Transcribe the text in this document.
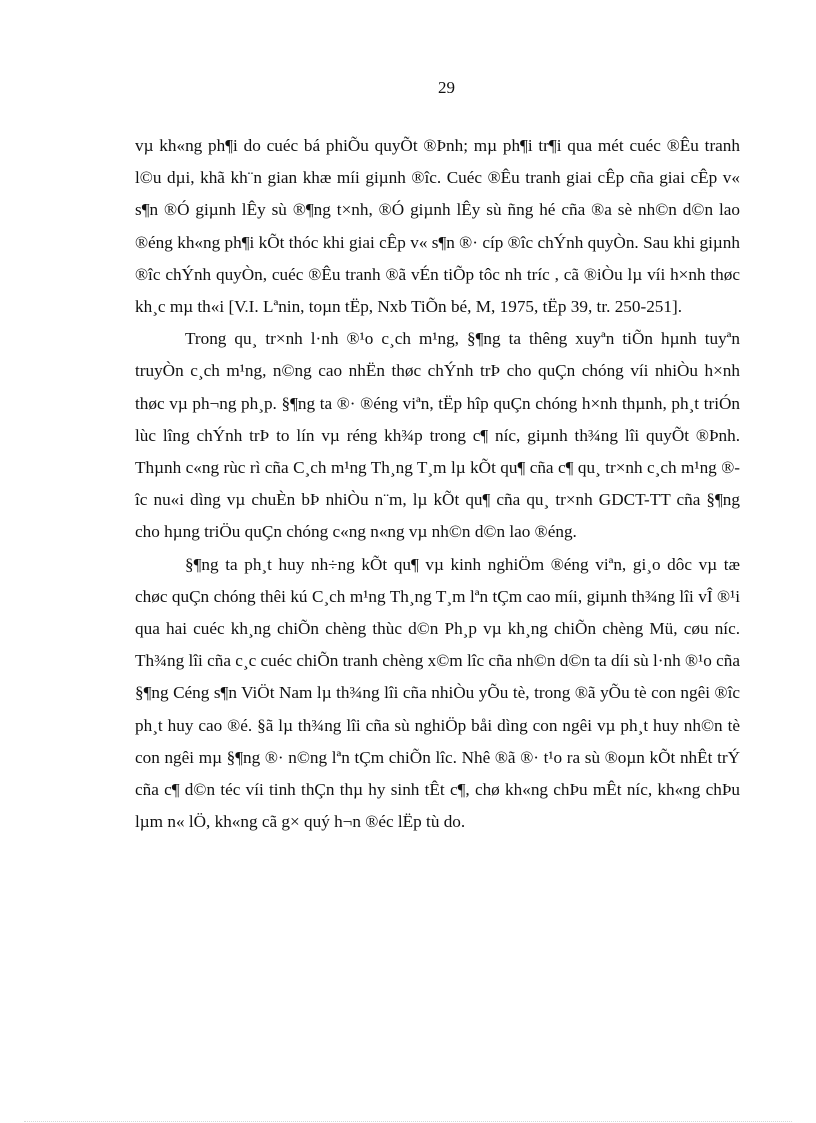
29

vµ kh«ng ph¶i do cuéc bá phiÕu quyÕt ®Þnh; mµ ph¶i tr¶i qua mét cuéc ®Êu tranh l©u dµi, khã kh¨n gian khæ míi giµnh ®îc. Cuéc ®Êu tranh giai cÊp cña giai cÊp v« s¶n ®Ó giµnh lÊy sù ®¶ng t×nh, ®Ó giµnh lÊy sù ñng hé cña ®a sè nh©n d©n lao ®éng kh«ng ph¶i kÕt thóc khi giai cÊp v« s¶n ®· cíp ®îc chÝnh quyÒn. Sau khi giµnh ®îc chÝnh quyÒn, cuéc ®Êu tranh ®ã vÉn tiÕp tôc nh tríc , cã ®iÒu lµ víi h×nh thøc kh¸c mµ th«i [V.I. Lªnin, toµn tËp, Nxb TiÕn bé, M, 1975, tËp 39, tr. 250-251].

Trong qu¸ tr×nh l·nh ®¹o c¸ch m¹ng, §¶ng ta thêng xuyªn tiÕn hµnh tuyªn truyÒn c¸ch m¹ng, n©ng cao nhËn thøc chÝnh trÞ cho quÇn chóng víi nhiÒu h×nh thøc vµ ph¬ng ph¸p. §¶ng ta ®· ®éng viªn, tËp hîp quÇn chóng h×nh thµnh, ph¸t triÓn lùc lîng chÝnh trÞ to lín vµ réng kh¾p trong c¶ níc, giµnh th¾ng lîi quyÕt ®Þnh. Thµnh c«ng rùc rì cña C¸ch m¹ng Th¸ng T¸m lµ kÕt qu¶ cña c¶ qu¸ tr×nh c¸ch m¹ng ®îc nu«i dìng vµ chuÈn bÞ nhiÒu n¨m, lµ kÕt qu¶ cña qu¸ tr×nh GDCT-TT cña §¶ng cho hµng triÖu quÇn chóng c«ng n«ng vµ nh©n d©n lao ®éng.

§¶ng ta ph¸t huy nh÷ng kÕt qu¶ vµ kinh nghiÖm ®éng viªn, gi¸o dôc vµ tæ chøc quÇn chóng thêi kú C¸ch m¹ng Th¸ng T¸m lªn tÇm cao míi, giµnh th¾ng lîi vÎ ®¹i qua hai cuéc kh¸ng chiÕn chèng thùc d©n Ph¸p vµ kh¸ng chiÕn chèng Mü, cøu níc. Th¾ng lîi cña c¸c cuéc chiÕn tranh chèng x©m lîc cña nh©n d©n ta díi sù l·nh ®¹o cña §¶ng Céng s¶n ViÖt Nam lµ th¾ng lîi cña nhiÒu yÕu tè, trong ®ã yÕu tè con ngêi ®îc ph¸t huy cao ®é. §ã lµ th¾ng lîi cña sù nghiÖp båi dìng con ngêi vµ ph¸t huy nh©n tè con ngêi mµ §¶ng ®· n©ng lªn tÇm chiÕn lîc. Nhê ®ã ®· t¹o ra sù ®oµn kÕt nhÊt trÝ cña c¶ d©n téc víi tinh thÇn thµ hy sinh tÊt c¶, chø kh«ng chÞu mÊt níc, kh«ng chÞu lµm n« lÖ, kh«ng cã g× quý h¬n ®éc lËp tù do.
